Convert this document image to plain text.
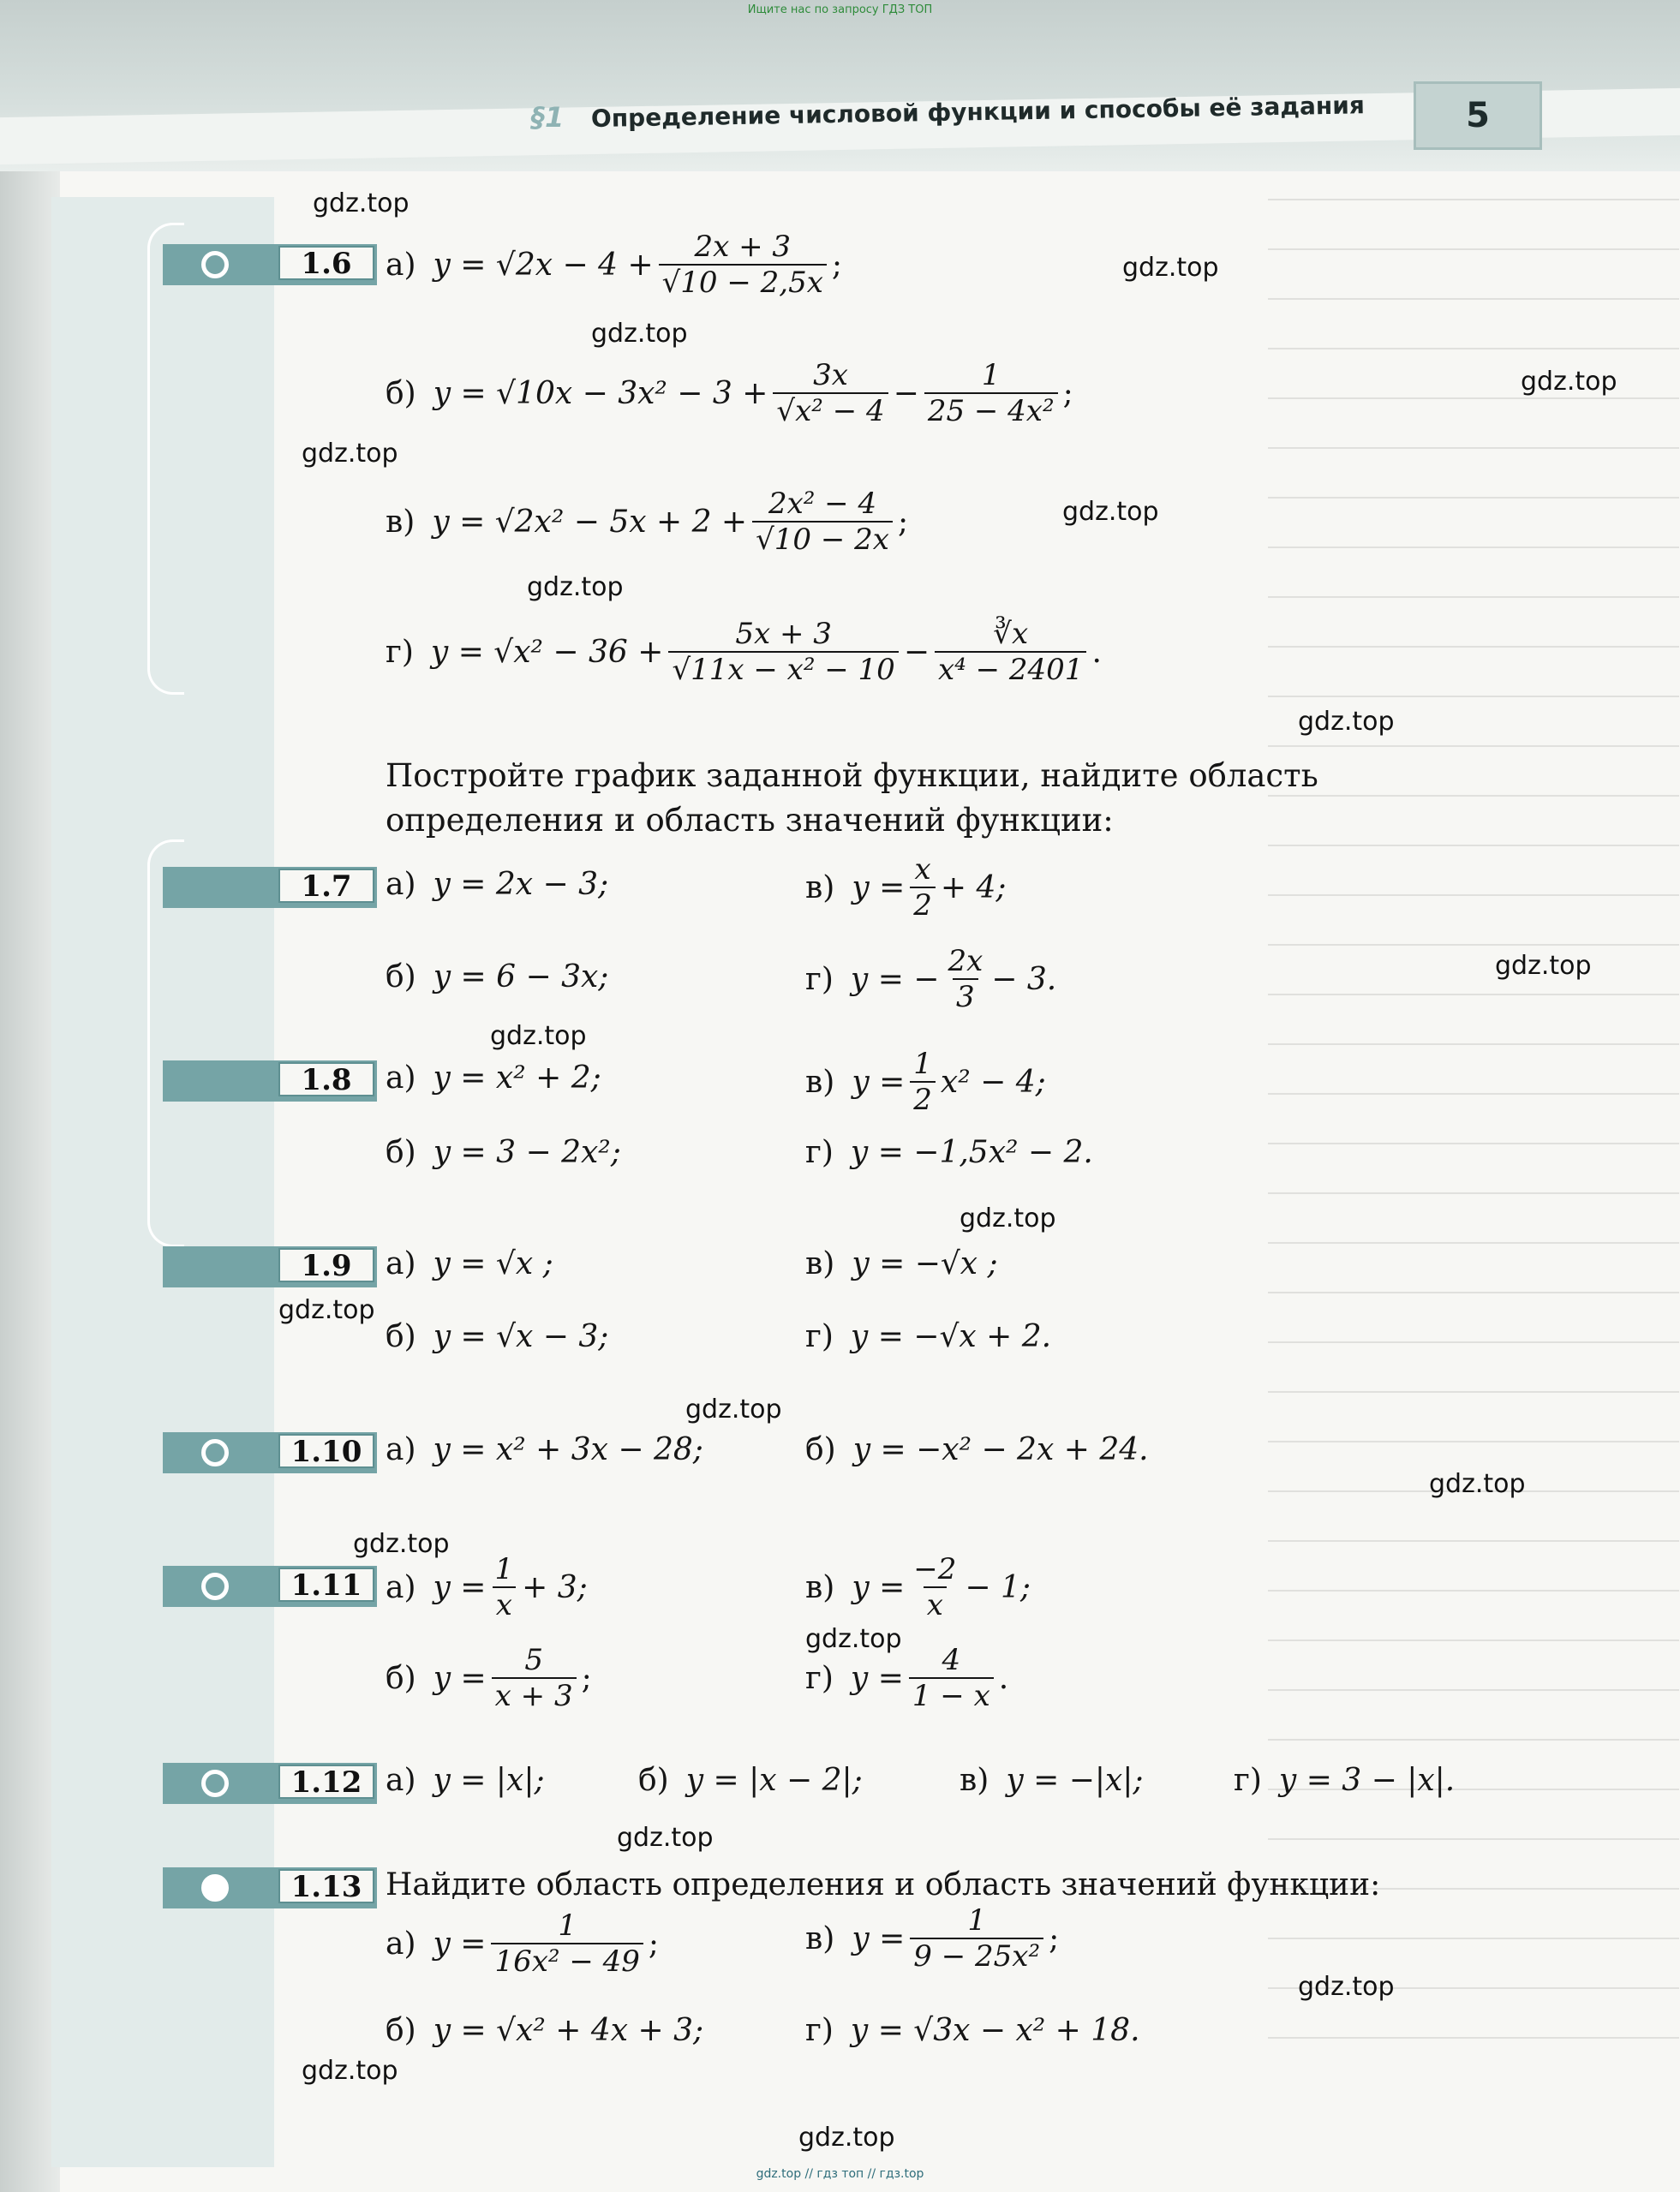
Ищите нас по запросу ГДЗ ТОП
§1 Определение числовой функции и способы её задания	5
1.6	а) $y = √2x - 4 + \frac{2x + 3}{√10 - 2,5x}$ ;
б) $y = √10x - 3x^2 - 3 + \frac{3x}{\text{√x² − 4}} - \frac{1}{\text{25 − 4x²}}$ ;
в) $y = √2x^2 - 5x + 2 + \frac{\text{2x² − 4}}{√10 - 2x}$ ;
г) $y = √x^2 - 36 + \frac{5x + 3}{\text{√11x − x² − 10}} - \frac{∛x}{\text{x⁴ − 2401}}$ .
Постройте график заданной функции, найдите область определения и область значений функции:
1.7	а) y = 2x − 3;	в) $y = \frac{x}{2} + 4$;
б) y = 6 − 3x;	г) y = − $\frac{2x}{3} - 3$.
1.8	а) y = x² + 2;	в) $y = \frac{1}{2} x^2 - 4$;
б) y = 3 − 2x²;	г) y = −1,5x² − 2.
1.9	а) y = √x ;	в) y = −√x ;
б) y = √x − 3;	г) y = −√x + 2.
1.10 а) y = x² + 3x − 28;	б) y = −x² − 2x + 24.
1.11 а) $y = \frac{1}{x} + 3$;	в) $y = \frac{-2}{x} - 1$;
б) $y = \frac{5}{x + 3}$ ;	г) $y = \frac{4}{1 - x}$ .
1.12 а) y = |x|;	б) y = |x − 2|;	в) y = −|x|;	г) y = 3 − |x|.
1.13 Найдите область определения и область значений функции:
а) $y = \frac{1}{\text{16x² − 49}}$ ;	в) $y = \frac{1}{\text{9 − 25x²}}$ ;
б) y = √x² + 4x + 3;	г) y = √3x − x² + 18.
gdz.top
gdz.top
gdz.top
gdz.top
gdz.top
gdz.top
gdz.top
gdz.top
gdz.top
gdz.top
gdz.top
gdz.top
gdz.top
gdz.top
gdz.top
gdz.top
gdz.top
gdz.top
gdz.top
gdz.top
gdz.top // гдз топ // гдз.top
